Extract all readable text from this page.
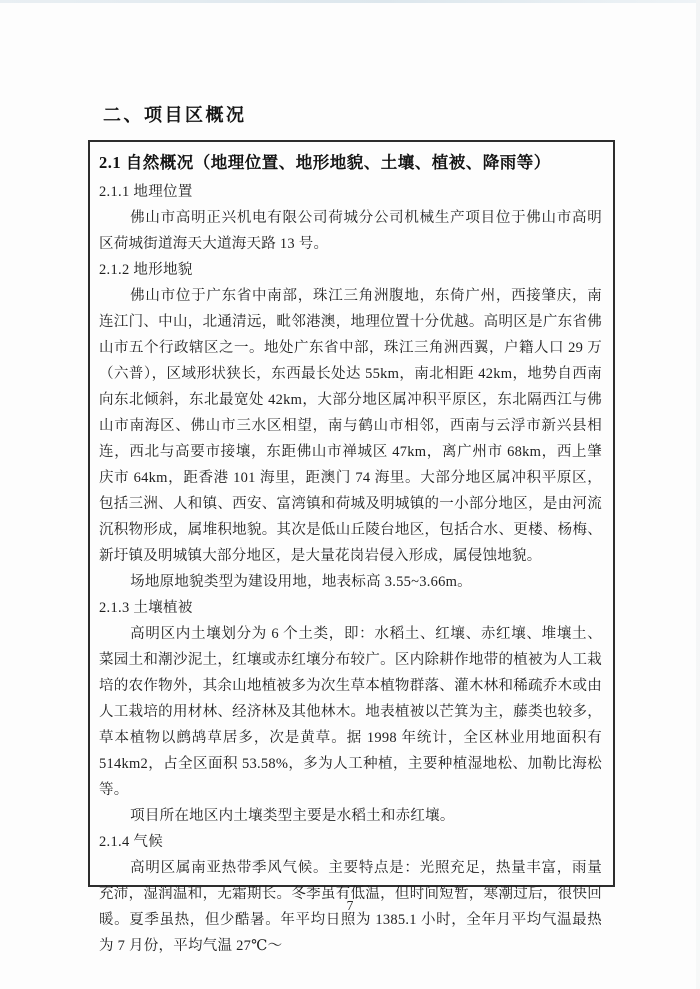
二、项目区概况
2.1 自然概况（地理位置、地形地貌、土壤、植被、降雨等）
2.1.1 地理位置

佛山市高明正兴机电有限公司荷城分公司机械生产项目位于佛山市高明区荷城街道海天大道海天路 13 号。

2.1.2 地形地貌

佛山市位于广东省中南部，珠江三角洲腹地，东倚广州，西接肇庆，南连江门、中山，北通清远，毗邻港澳，地理位置十分优越。高明区是广东省佛山市五个行政辖区之一。地处广东省中部，珠江三角洲西翼，户籍人口 29 万（六普），区域形状狭长，东西最长处达 55km，南北相距 42km，地势自西南向东北倾斜，东北最宽处 42km，大部分地区属冲积平原区，东北隔西江与佛山市南海区、佛山市三水区相望，南与鹤山市相邻，西南与云浮市新兴县相连，西北与高要市接壤，东距佛山市禅城区 47km，离广州市 68km，西上肇庆市 64km，距香港 101 海里，距澳门 74 海里。大部分地区属冲积平原区，包括三洲、人和镇、西安、富湾镇和荷城及明城镇的一小部分地区，是由河流沉积物形成，属堆积地貌。其次是低山丘陵台地区，包括合水、更楼、杨梅、新圩镇及明城镇大部分地区，是大量花岗岩侵入形成，属侵蚀地貌。

场地原地貌类型为建设用地，地表标高 3.55~3.66m。

2.1.3 土壤植被

高明区内土壤划分为 6 个土类，即：水稻土、红壤、赤红壤、堆壤土、菜园土和潮沙泥土，红壤或赤红壤分布较广。区内除耕作地带的植被为人工栽培的农作物外，其余山地植被多为次生草本植物群落、灌木林和稀疏乔木或由人工栽培的用材林、经济林及其他林木。地表植被以芒箕为主，藤类也较多，草本植物以鹧鸪草居多，次是黄草。据 1998 年统计，全区林业用地面积有 514km2，占全区面积 53.58%，多为人工种植，主要种植湿地松、加勒比海松等。

项目所在地区内土壤类型主要是水稻土和赤红壤。

2.1.4 气候

高明区属南亚热带季风气候。主要特点是：光照充足，热量丰富，雨量充沛，湿润温和，无霜期长。冬季虽有低温，但时间短暂，寒潮过后，很快回暖。夏季虽热，但少酷暑。年平均日照为 1385.1 小时，全年月平均气温最热为 7 月份，平均气温 27℃～

7
